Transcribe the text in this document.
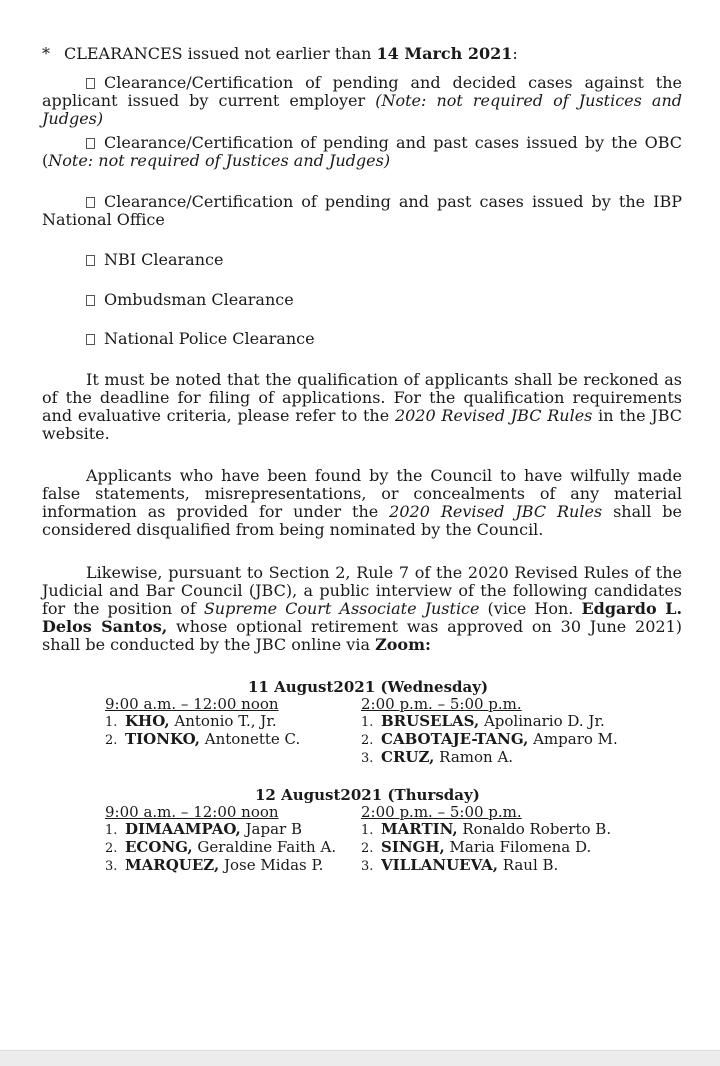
* CLEARANCES issued not earlier than 14 March 2021:
Clearance/Certification of pending and decided cases against the applicant issued by current employer (Note: not required of Justices and Judges)
Clearance/Certification of pending and past cases issued by the OBC (Note: not required of Justices and Judges)
Clearance/Certification of pending and past cases issued by the IBP National Office
NBI Clearance
Ombudsman Clearance
National Police Clearance
It must be noted that the qualification of applicants shall be reckoned as of the deadline for filing of applications. For the qualification requirements and evaluative criteria, please refer to the 2020 Revised JBC Rules in the JBC website.
Applicants who have been found by the Council to have wilfully made false statements, misrepresentations, or concealments of any material information as provided for under the 2020 Revised JBC Rules shall be considered disqualified from being nominated by the Council.
Likewise, pursuant to Section 2, Rule 7 of the 2020 Revised Rules of the Judicial and Bar Council (JBC), a public interview of the following candidates for the position of Supreme Court Associate Justice (vice Hon. Edgardo L. Delos Santos, whose optional retirement was approved on 30 June 2021) shall be conducted by the JBC online via Zoom:
11 August2021 (Wednesday)
9:00 a.m. – 12:00 noon
1. KHO, Antonio T., Jr.
2. TIONKO, Antonette C.
2:00 p.m. – 5:00 p.m.
1. BRUSELAS, Apolinario D. Jr.
2. CABOTAJE-TANG, Amparo M.
3. CRUZ, Ramon A.
12 August2021 (Thursday)
9:00 a.m. – 12:00 noon
1. DIMAAMPAO, Japar B
2. ECONG, Geraldine Faith A.
3. MARQUEZ, Jose Midas P.
2:00 p.m. – 5:00 p.m.
1. MARTIN, Ronaldo Roberto B.
2. SINGH, Maria Filomena D.
3. VILLANUEVA, Raul B.
